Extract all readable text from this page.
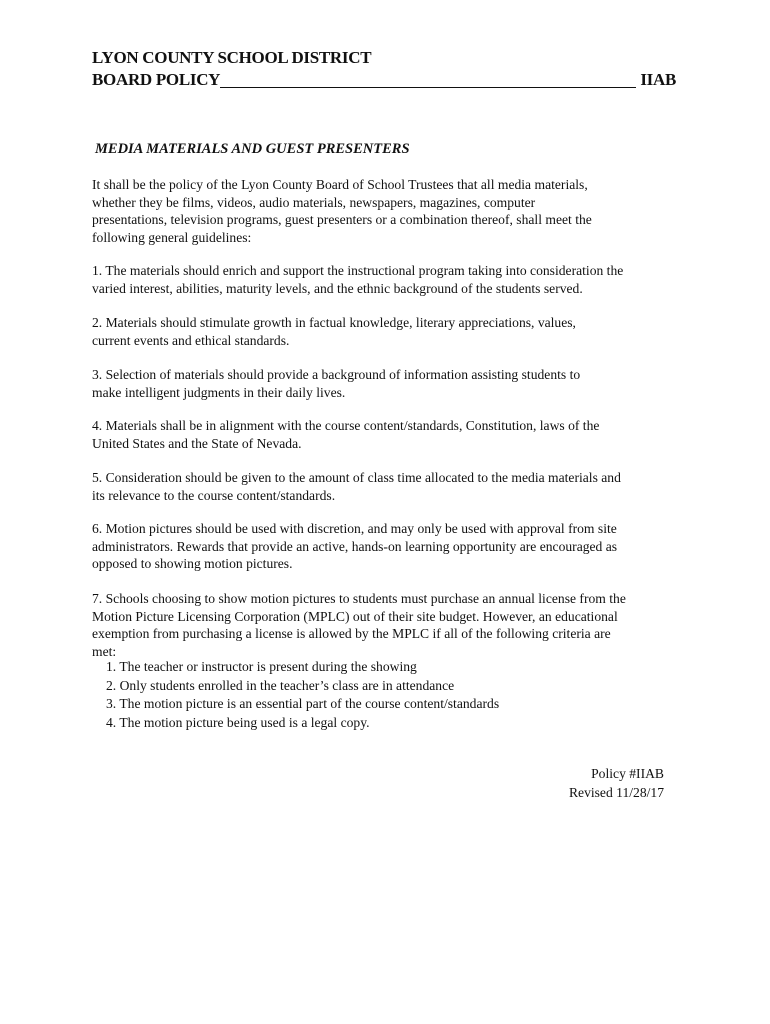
LYON COUNTY SCHOOL DISTRICT
BOARD POLICY	IIAB
MEDIA MATERIALS AND GUEST PRESENTERS
It shall be the policy of the Lyon County Board of School Trustees that all media materials,
whether they be films, videos, audio materials, newspapers, magazines, computer
presentations, television programs, guest presenters or a combination thereof, shall meet the
following general guidelines:
1. The materials should enrich and support the instructional program taking into consideration the
varied interest, abilities, maturity levels, and the ethnic background of the students served.
2. Materials should stimulate growth in factual knowledge, literary appreciations, values,
current events and ethical standards.
3. Selection of materials should provide a background of information assisting students to
make intelligent judgments in their daily lives.
4. Materials shall be in alignment with the course content/standards, Constitution, laws of the
United States and the State of Nevada.
5. Consideration should be given to the amount of class time allocated to the media materials and
its relevance to the course content/standards.
6. Motion pictures should be used with discretion, and may only be used with approval from site
administrators. Rewards that provide an active, hands-on learning opportunity are encouraged as
opposed to showing motion pictures.
7. Schools choosing to show motion pictures to students must purchase an annual license from the
Motion Picture Licensing Corporation (MPLC) out of their site budget. However, an educational
exemption from purchasing a license is allowed by the MPLC if all of the following criteria are
met:
1. The teacher or instructor is present during the showing
2. Only students enrolled in the teacher’s class are in attendance
3. The motion picture is an essential part of the course content/standards
4. The motion picture being used is a legal copy.
Policy #IIAB
Revised 11/28/17
